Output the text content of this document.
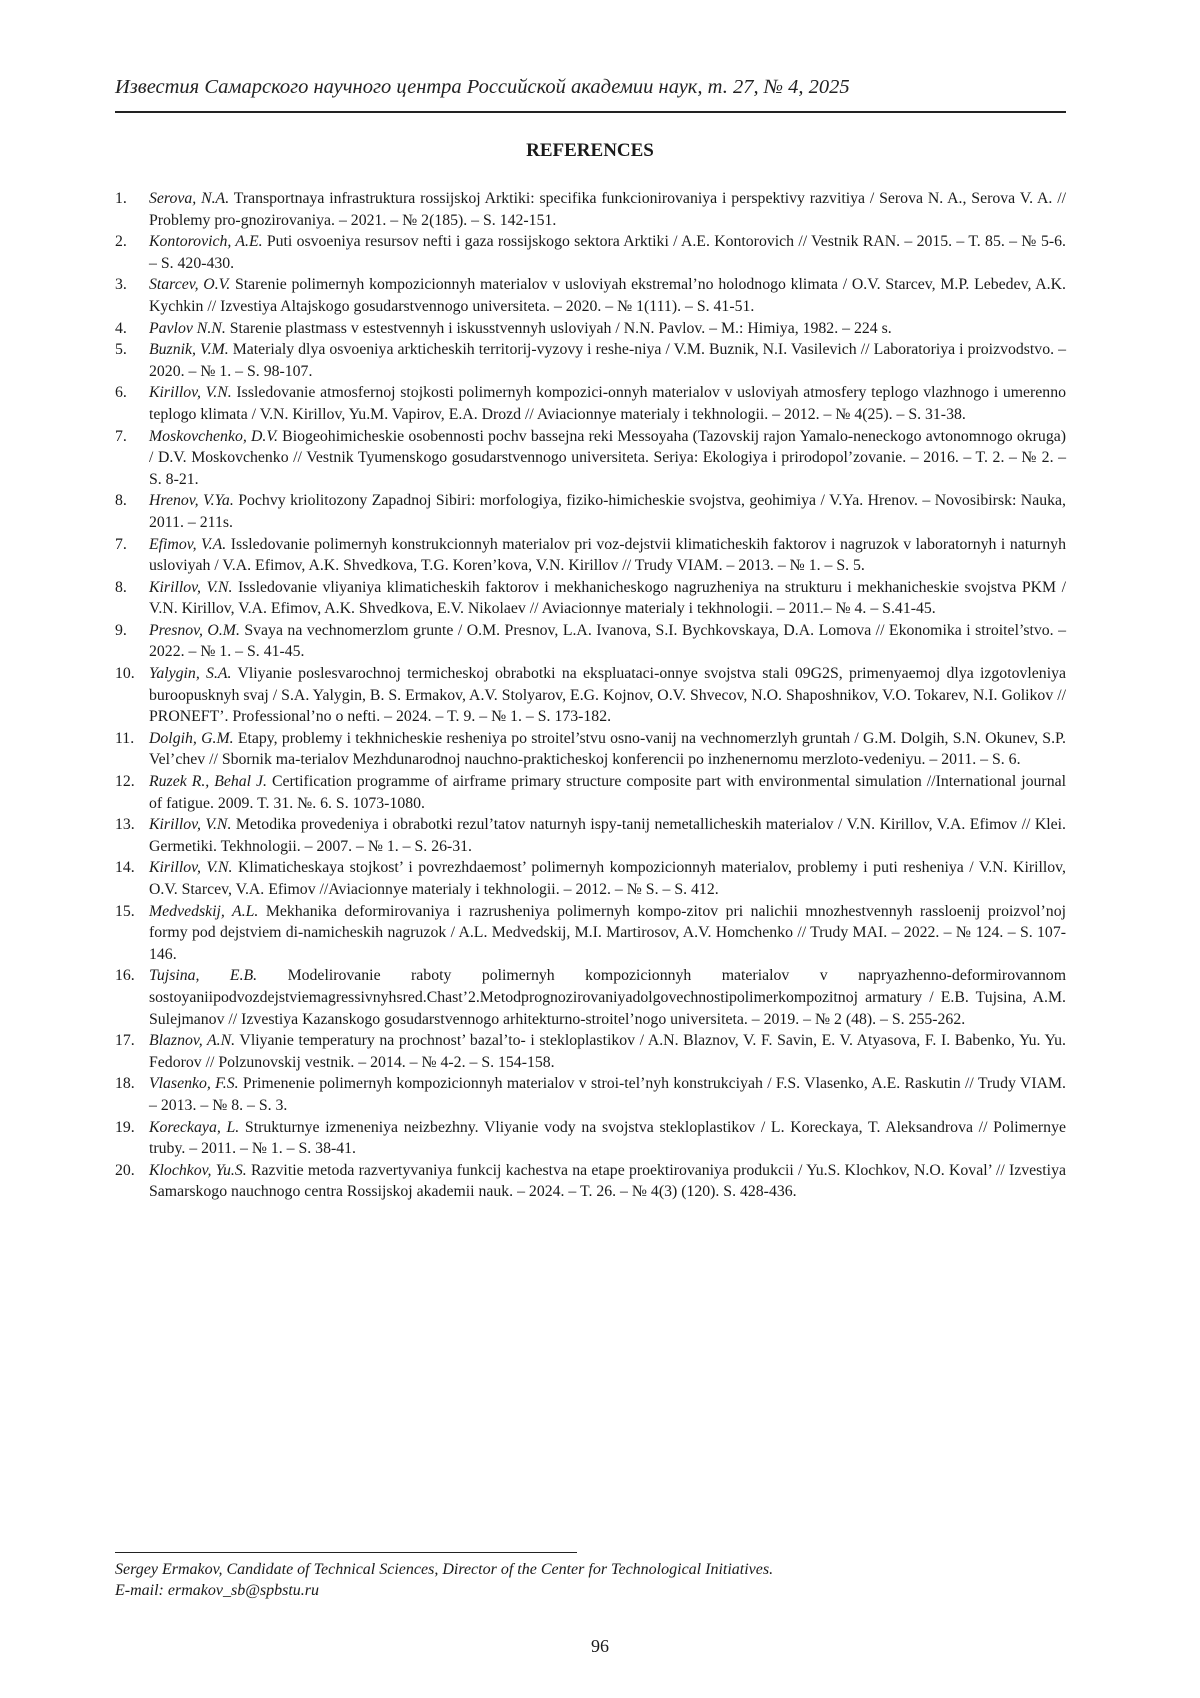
Известия Самарского научного центра Российской академии наук, т. 27, № 4, 2025
REFERENCES
1.	Serova, N.A. Transportnaya infrastruktura rossijskoj Arktiki: specifika funkcionirovaniya i perspektivy razvitiya / Serova N. A., Serova V. A. // Problemy pro-gnozirovaniya. – 2021. – № 2(185). – S. 142-151.
2.	Kontorovich, A.E. Puti osvoeniya resursov nefti i gaza rossijskogo sektora Arktiki / A.E. Kontorovich // Vestnik RAN. – 2015. – T. 85. – № 5-6. – S. 420-430.
3.	Starcev, O.V. Starenie polimernyh kompozicionnyh materialov v usloviyah ekstremal’no holodnogo klimata / O.V. Starcev, M.P. Lebedev, A.K. Kychkin // Izvestiya Altajskogo gosudarstvennogo universiteta. – 2020. – № 1(111). – S. 41-51.
4.	Pavlov N.N. Starenie plastmass v estestvennyh i iskusstvennyh usloviyah / N.N. Pavlov. – M.: Himiya, 1982. – 224 s.
5.	Buznik, V.M. Materialy dlya osvoeniya arkticheskih territorij-vyzovy i reshe-niya / V.M. Buznik, N.I. Vasilevich // Laboratoriya i proizvodstvo. – 2020. – № 1. – S. 98-107.
6.	Kirillov, V.N. Issledovanie atmosfernoj stojkosti polimernyh kompozici-onnyh materialov v usloviyah atmosfery teplogo vlazhnogo i umerenno teplogo klimata / V.N. Kirillov, Yu.M. Vapirov, E.A. Drozd // Aviacionnye materialy i tekhnologii. – 2012. – № 4(25). – S. 31-38.
7.	Moskovchenko, D.V. Biogeohimicheskie osobennosti pochv bassejna reki Messoyaha (Tazovskij rajon Yamalo-neneckogo avtonomnogo okruga) / D.V. Moskovchenko // Vestnik Tyumenskogo gosudarstvennogo universiteta. Seriya: Ekologiya i prirodopol’zovanie. – 2016. – T. 2. – № 2. – S. 8-21.
8.	Hrenov, V.Ya. Pochvy kriolitozony Zapadnoj Sibiri: morfologiya, fiziko-himicheskie svojstva, geohimiya / V.Ya. Hrenov. – Novosibirsk: Nauka, 2011. – 211s.
7.	Efimov, V.A. Issledovanie polimernyh konstrukcionnyh materialov pri voz-dejstvii klimaticheskih faktorov i nagruzok v laboratornyh i naturnyh usloviyah / V.A. Efimov, A.K. Shvedkova, T.G. Koren’kova, V.N. Kirillov // Trudy VIAM. – 2013. – № 1. – S. 5.
8.	Kirillov, V.N. Issledovanie vliyaniya klimaticheskih faktorov i mekhanicheskogo nagruzheniya na strukturu i mekhanicheskie svojstva PKM / V.N. Kirillov, V.A. Efimov, A.K. Shvedkova, E.V. Nikolaev // Aviacionnye materialy i tekhnologii. – 2011.– № 4. – S.41-45.
9.	Presnov, O.M. Svaya na vechnomerzlom grunte / O.M. Presnov, L.A. Ivanova, S.I. Bychkovskaya, D.A. Lomova // Ekonomika i stroitel’stvo. – 2022. – № 1. – S. 41-45.
10. Yalygin, S.A. Vliyanie poslesvarochnoj termicheskoj obrabotki na ekspluataci-onnye svojstva stali 09G2S, primenyaemoj dlya izgotovleniya buroopusknyh svaj / S.A. Yalygin, B. S. Ermakov, A.V. Stolyarov, E.G. Kojnov, O.V. Shvecov, N.O. Shaposhnikov, V.O. Tokarev, N.I. Golikov // PRONEFT’. Professional’no o nefti. – 2024. – T. 9. – № 1. – S. 173-182.
11. Dolgih, G.M. Etapy, problemy i tekhnicheskie resheniya po stroitel’stvu osno-vanij na vechnomerzlyh gruntah / G.M. Dolgih, S.N. Okunev, S.P. Vel’chev // Sbornik ma-terialov Mezhdunarodnoj nauchno-prakticheskoj konferencii po inzhenernomu merzloto-vedeniyu. – 2011. – S. 6.
12. Ruzek R., Behal J. Certification programme of airframe primary structure composite part with environmental simulation //International journal of fatigue. 2009. T. 31. №. 6. S. 1073-1080.
13. Kirillov, V.N. Metodika provedeniya i obrabotki rezul’tatov naturnyh ispy-tanij nemetallicheskih materialov / V.N. Kirillov, V.A. Efimov // Klei. Germetiki. Tekhnologii. – 2007. – № 1. – S. 26-31.
14. Kirillov, V.N. Klimaticheskaya stojkost’ i povrezhdaemost’ polimernyh kompozicionnyh materialov, problemy i puti resheniya / V.N. Kirillov, O.V. Starcev, V.A. Efimov //Aviacionnye materialy i tekhnologii. – 2012. – № S. – S. 412.
15. Medvedskij, A.L. Mekhanika deformirovaniya i razrusheniya polimernyh kompo-zitov pri nalichii mnozhestvennyh rassloenij proizvol’noj formy pod dejstviem di-namicheskih nagruzok / A.L. Medvedskij, M.I. Martirosov, A.V. Homchenko // Trudy MAI. – 2022. – № 124. – S. 107-146.
16. Tujsina, E.B. Modelirovanie raboty polimernyh kompozicionnyh materialov v napryazhenno-deformirovannom sostoyaniipodvozdejstviemagressivnyhsred.Chast’2.Metodprognozirovaniyadolgovechnostipolimerkompozitnoj armatury / E.B. Tujsina, A.M. Sulejmanov // Izvestiya Kazanskogo gosudarstvennogo arhitekturno-stroitel’nogo universiteta. – 2019. – № 2 (48). – S. 255-262.
17. Blaznov, A.N. Vliyanie temperatury na prochnost’ bazal’to- i stekloplastikov / A.N. Blaznov, V. F. Savin, E. V. Atyasova, F. I. Babenko, Yu. Yu. Fedorov // Polzunovskij vestnik. – 2014. – № 4-2. – S. 154-158.
18. Vlasenko, F.S. Primenenie polimernyh kompozicionnyh materialov v stroi-tel’nyh konstrukciyah / F.S. Vlasenko, A.E. Raskutin // Trudy VIAM. – 2013. – № 8. – S. 3.
19. Koreckaya, L. Strukturnye izmeneniya neizbezhny. Vliyanie vody na svojstva stekloplastikov / L. Koreckaya, T. Aleksandrova // Polimernye truby. – 2011. – № 1. – S. 38-41.
20. Klochkov, Yu.S. Razvitie metoda razvertyvaniya funkcij kachestva na etape proektirovaniya produkcii / Yu.S. Klochkov, N.O. Koval’ // Izvestiya Samarskogo nauchnogo centra Rossijskoj akademii nauk. – 2024. – T. 26. – № 4(3) (120). S. 428-436.
Sergey Ermakov, Candidate of Technical Sciences, Director of the Center for Technological Initiatives.
E-mail: ermakov_sb@spbstu.ru
96
